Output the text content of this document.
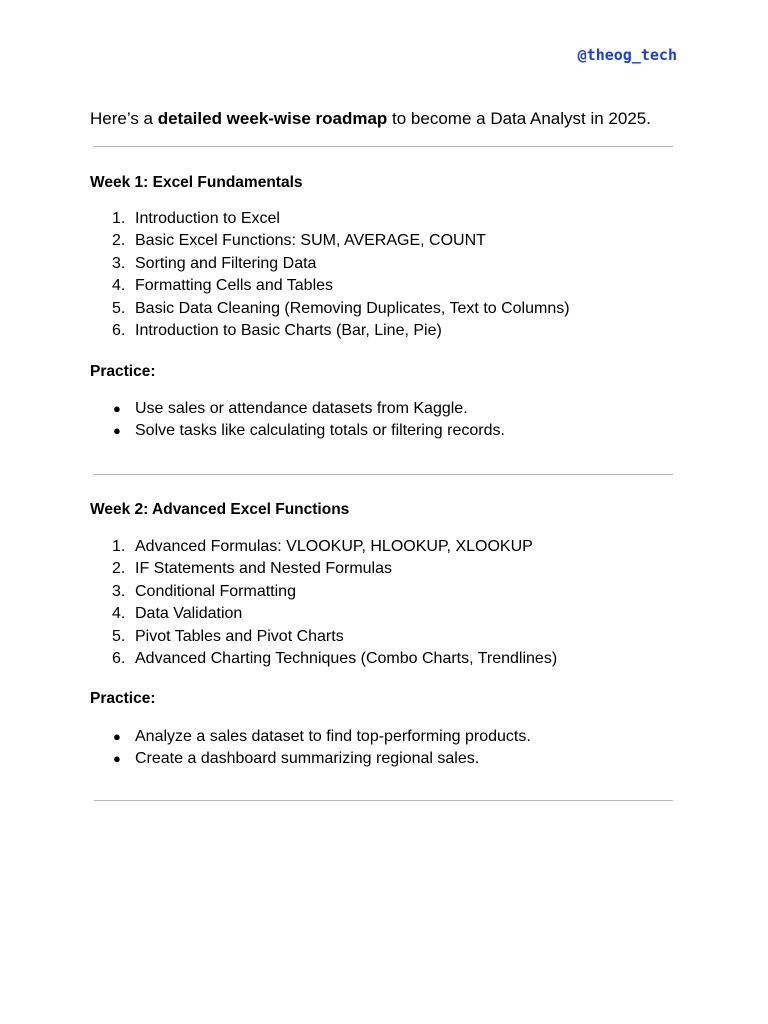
@theog_tech
Here’s a detailed week-wise roadmap to become a Data Analyst in 2025.
Week 1: Excel Fundamentals
1. Introduction to Excel
2. Basic Excel Functions: SUM, AVERAGE, COUNT
3. Sorting and Filtering Data
4. Formatting Cells and Tables
5. Basic Data Cleaning (Removing Duplicates, Text to Columns)
6. Introduction to Basic Charts (Bar, Line, Pie)
Practice:
● Use sales or attendance datasets from Kaggle.
● Solve tasks like calculating totals or filtering records.
Week 2: Advanced Excel Functions
1. Advanced Formulas: VLOOKUP, HLOOKUP, XLOOKUP
2. IF Statements and Nested Formulas
3. Conditional Formatting
4. Data Validation
5. Pivot Tables and Pivot Charts
6. Advanced Charting Techniques (Combo Charts, Trendlines)
Practice:
● Analyze a sales dataset to find top-performing products.
● Create a dashboard summarizing regional sales.
